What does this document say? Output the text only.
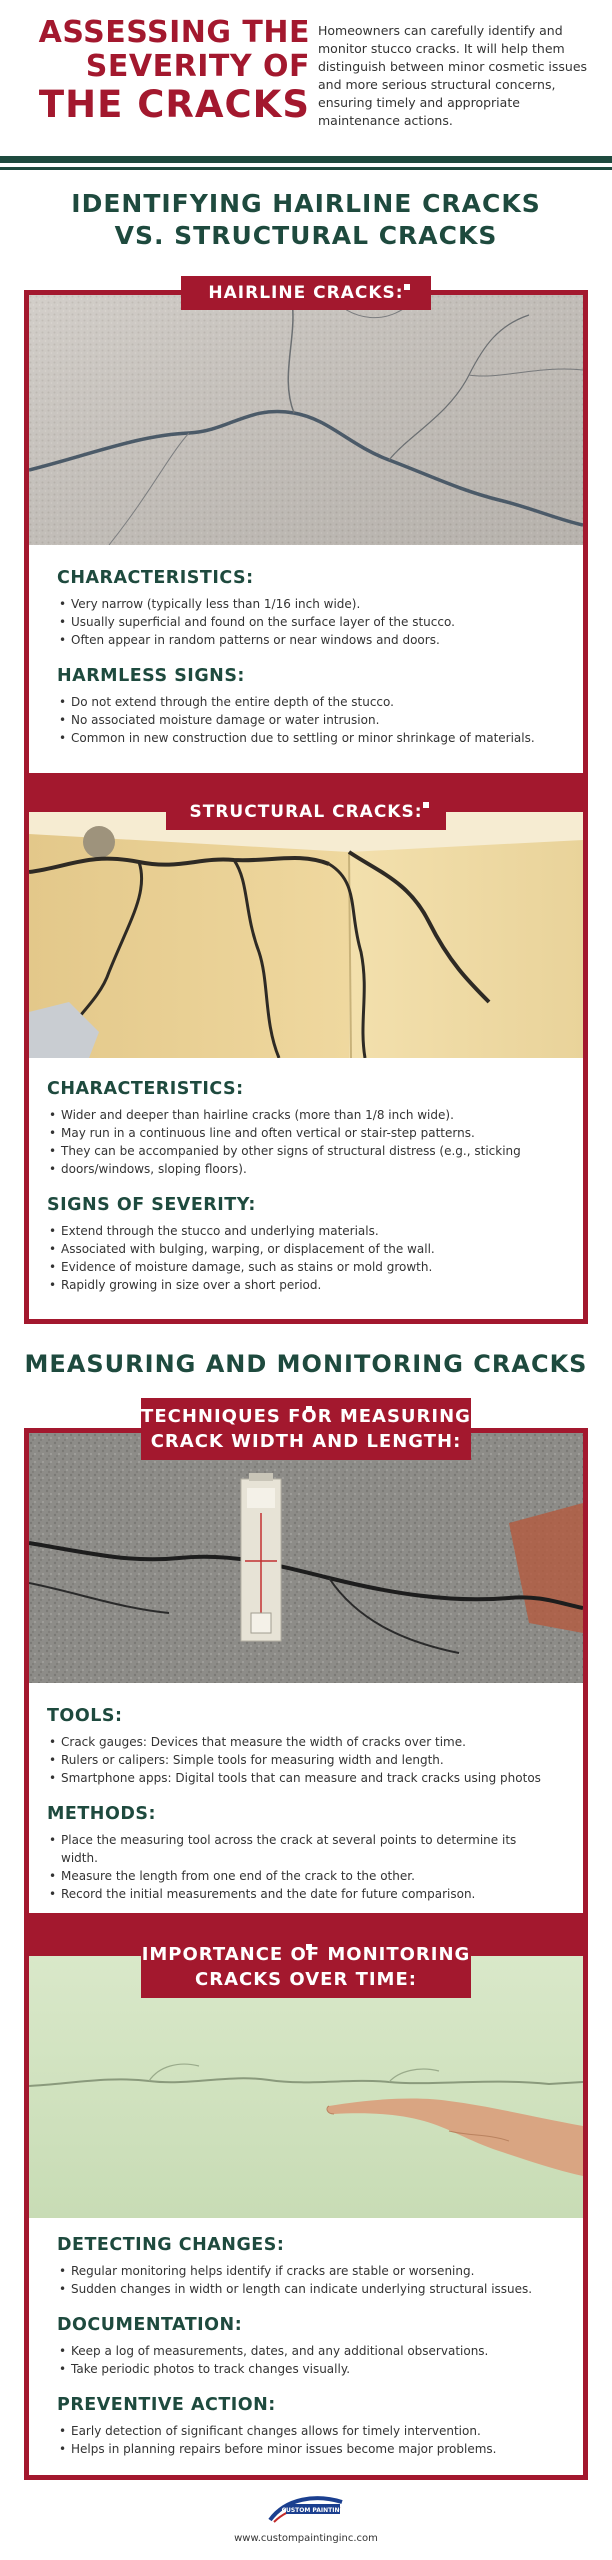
ASSESSING THE
SEVERITY OF
THE CRACKS
Homeowners can carefully identify and monitor stucco cracks. It will help them distinguish between minor cosmetic issues and more serious structural concerns, ensuring timely and appropriate maintenance actions.
IDENTIFYING HAIRLINE CRACKS
VS. STRUCTURAL CRACKS
CHARACTERISTICS:
• Very narrow (typically less than 1/16 inch wide).
• Usually superficial and found on the surface layer of the stucco.
• Often appear in random patterns or near windows and doors.
HARMLESS SIGNS:
• Do not extend through the entire depth of the stucco.
• No associated moisture damage or water intrusion.
• Common in new construction due to settling or minor shrinkage of materials.
HAIRLINE CRACKS:
CHARACTERISTICS:
• Wider and deeper than hairline cracks (more than 1/8 inch wide).
• May run in a continuous line and often vertical or stair-step patterns.
• They can be accompanied by other signs of structural distress (e.g., sticking
• doors/windows, sloping floors).
SIGNS OF SEVERITY:
• Extend through the stucco and underlying materials.
• Associated with bulging, warping, or displacement of the wall.
• Evidence of moisture damage, such as stains or mold growth.
• Rapidly growing in size over a short period.
STRUCTURAL CRACKS:
MEASURING AND MONITORING CRACKS
TOOLS:
• Crack gauges: Devices that measure the width of cracks over time.
• Rulers or calipers: Simple tools for measuring width and length.
• Smartphone apps: Digital tools that can measure and track cracks using photos
METHODS:
• Place the measuring tool across the crack at several points to determine its width.
• Measure the length from one end of the crack to the other.
• Record the initial measurements and the date for future comparison.
TECHNIQUES FOR MEASURING
CRACK WIDTH AND LENGTH:
DETECTING CHANGES:
• Regular monitoring helps identify if cracks are stable or worsening.
• Sudden changes in width or length can indicate underlying structural issues.
DOCUMENTATION:
• Keep a log of measurements, dates, and any additional observations.
• Take periodic photos to track changes visually.
PREVENTIVE ACTION:
• Early detection of significant changes allows for timely intervention.
• Helps in planning repairs before minor issues become major problems.
IMPORTANCE OF MONITORING
CRACKS OVER TIME:
CUSTOM PAINTING
www.custompaintinginc.com
